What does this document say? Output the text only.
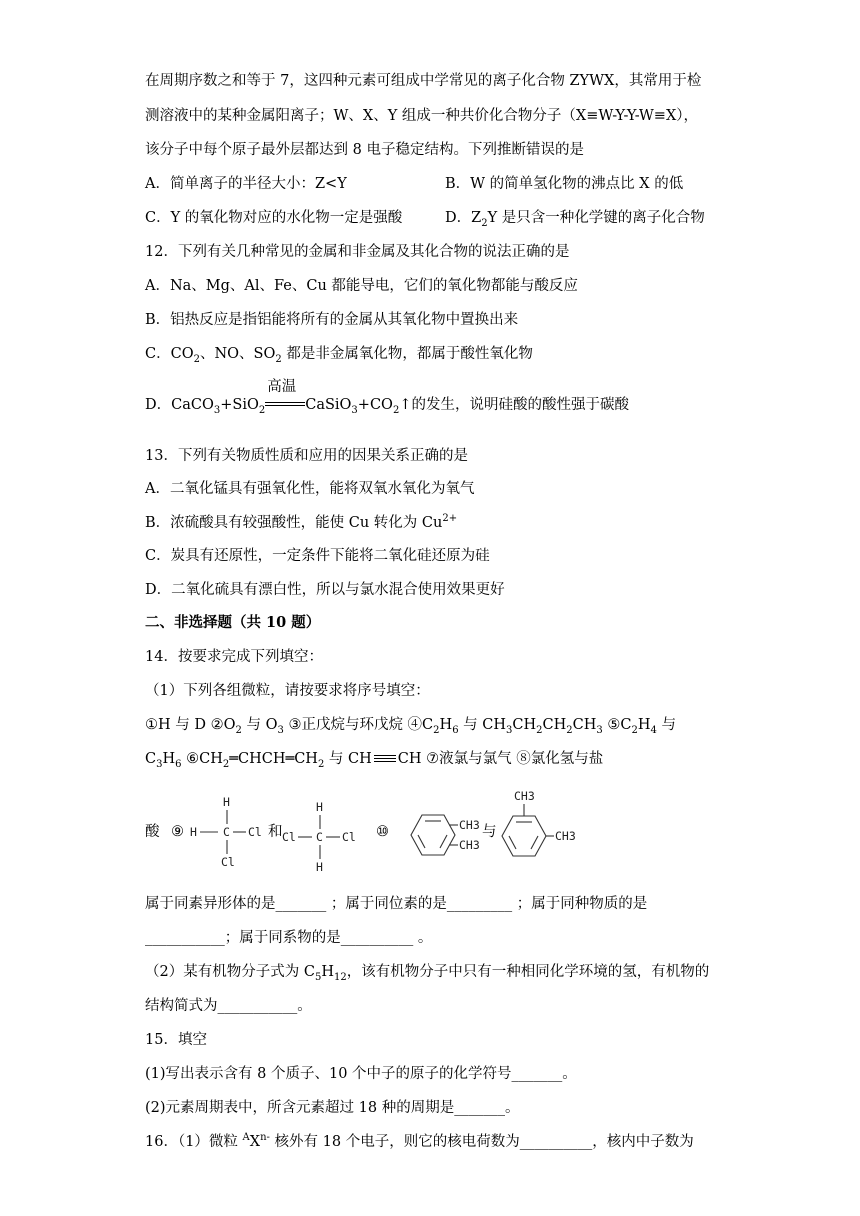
在周期序数之和等于 7，这四种元素可组成中学常见的离子化合物 ZYWX，其常用于检
测溶液中的某种金属阳离子；W、X、Y 组成一种共价化合物分子（X≡W-Y-Y-W≡X），
该分子中每个原子最外层都达到 8 电子稳定结构。下列推断错误的是
A．简单离子的半径大小：Z<Y	B．W 的简单氢化物的沸点比 X 的低
C．Y 的氧化物对应的水化物一定是强酸	D．$Z_2Y$ 是只含一种化学键的离子化合物
12．下列有关几种常见的金属和非金属及其化合物的说法正确的是
A．Na、Mg、Al、Fe、Cu 都能导电，它们的氧化物都能与酸反应
B．铝热反应是指铝能将所有的金属从其氧化物中置换出来
C．$CO_2$、NO、$SO_2$ 都是非金属氧化物，都属于酸性氧化物
D．CaCO$_3$+SiO$_2$
高温
$CaSiO_3+CO_2↑$的发生，说明硅酸的酸性强于碳酸
13．下列有关物质性质和应用的因果关系正确的是
A．二氧化锰具有强氧化性，能将双氧水氧化为氧气
B．浓硫酸具有较强酸性，能使 Cu 转化为 $Cu^{2+}$
C．炭具有还原性，一定条件下能将二氧化硅还原为硅
D．二氧化硫具有漂白性，所以与氯水混合使用效果更好
二、非选择题（共 10 题）
14．按要求完成下列填空：
（1）下列各组微粒，请按要求将序号填空：
①H 与 D $②O_2$ 与 $O_3$ ③正戊烷与环戊烷 $④C_2H_6$ 与 $CH_3CH_2CH_2CH_3$ $⑤C_2H_4$ 与
$C_3H_6$ $⑥CH_2═CHCH═CH_2$ 与 CH CH ⑦液氯与氯气 ⑧氯化氢与盐
酸 ⑨
H
H C Cl
Cl
和
H
Cl C Cl
H
⑩	CH3
CH3
与
CH3
CH3
属于同素异形体的是_______ ；属于同位素的是_________ ；属于同种物质的是
___________；属于同系物的是__________ 。
（2）某有机物分子式为 $C_5H_{12}$，该有机物分子中只有一种相同化学环境的氢，有机物的
结构简式为___________。
15．填空
(1)写出表示含有 8 个质子、10 个中子的原子的化学符号_______。
(2)元素周期表中，所含元素超过 18 种的周期是_______。
16．（1）微粒 $^AX^{n-}$ 核外有 18 个电子，则它的核电荷数为__________，核内中子数为
